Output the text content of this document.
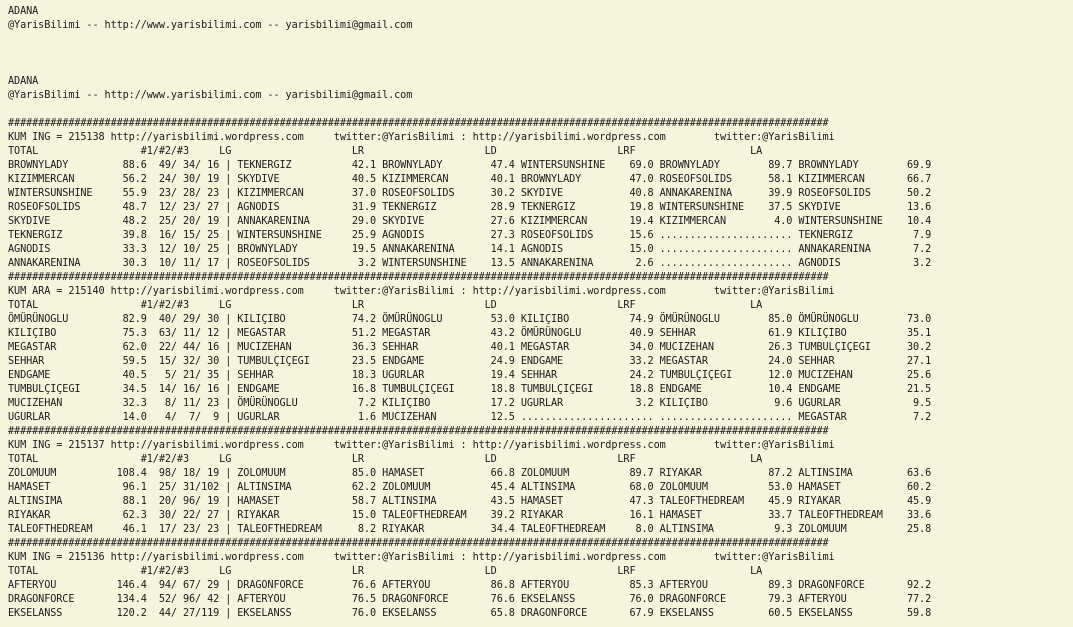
ADANA
@YarisBilimi -- http://www.yarisbilimi.com -- yarisbilimi@gmail.com

ADANA
@YarisBilimi -- http://www.yarisbilimi.com -- yarisbilimi@gmail.com

########################################################################################################################################
KUM ING = 215138 http://yarisbilimi.wordpress.com     twitter:@YarisBilimi : http://yarisbilimi.wordpress.com        twitter:@YarisBilimi
TOTAL                 #1/#2/#3     LG                    LR                    LD                    LRF                   LA
BROWNYLADY         88.6  49/ 34/ 16 | TEKNERGIZ          42.1 BROWNYLADY        47.4 WINTERSUNSHINE    69.0 BROWNYLADY        89.7 BROWNYLADY        69.9
KIZIMMERCAN        56.2  24/ 30/ 19 | SKYDIVE            40.5 KIZIMMERCAN       40.1 BROWNYLADY        47.0 ROSEOFSOLIDS      58.1 KIZIMMERCAN       66.7
WINTERSUNSHINE     55.9  23/ 28/ 23 | KIZIMMERCAN        37.0 ROSEOFSOLIDS      30.2 SKYDIVE           40.8 ANNAKARENINA      39.9 ROSEOFSOLIDS      50.2
ROSEOFSOLIDS       48.7  12/ 23/ 27 | AGNODIS            31.9 TEKNERGIZ         28.9 TEKNERGIZ         19.8 WINTERSUNSHINE    37.5 SKYDIVE           13.6
SKYDIVE            48.2  25/ 20/ 19 | ANNAKARENINA       29.0 SKYDIVE           27.6 KIZIMMERCAN       19.4 KIZIMMERCAN        4.0 WINTERSUNSHINE    10.4
TEKNERGIZ          39.8  16/ 15/ 25 | WINTERSUNSHINE     25.9 AGNODIS           27.3 ROSEOFSOLIDS      15.6 ...................... TEKNERGIZ          7.9
AGNODIS            33.3  12/ 10/ 25 | BROWNYLADY         19.5 ANNAKARENINA      14.1 AGNODIS           15.0 ...................... ANNAKARENINA       7.2
ANNAKARENINA       30.3  10/ 11/ 17 | ROSEOFSOLIDS        3.2 WINTERSUNSHINE    13.5 ANNAKARENINA       2.6 ...................... AGNODIS            3.2
########################################################################################################################################
KUM ARA = 215140 http://yarisbilimi.wordpress.com     twitter:@YarisBilimi : http://yarisbilimi.wordpress.com        twitter:@YarisBilimi
TOTAL                 #1/#2/#3     LG                    LR                    LD                    LRF                   LA
ÖMÜRÜNOGLU         82.9  40/ 29/ 30 | KILIÇIBO           74.2 ÖMÜRÜNOGLU        53.0 KILIÇIBO          74.9 ÖMÜRÜNOGLU        85.0 ÖMÜRÜNOGLU        73.0
KILIÇIBO           75.3  63/ 11/ 12 | MEGASTAR           51.2 MEGASTAR          43.2 ÖMÜRÜNOGLU        40.9 SEHHAR            61.9 KILIÇIBO          35.1
MEGASTAR           62.0  22/ 44/ 16 | MUCIZEHAN          36.3 SEHHAR            40.1 MEGASTAR          34.0 MUCIZEHAN         26.3 TUMBULÇIÇEGI      30.2
SEHHAR             59.5  15/ 32/ 30 | TUMBULÇIÇEGI       23.5 ENDGAME           24.9 ENDGAME           33.2 MEGASTAR          24.0 SEHHAR            27.1
ENDGAME            40.5   5/ 21/ 35 | SEHHAR             18.3 UGURLAR           19.4 SEHHAR            24.2 TUMBULÇIÇEGI      12.0 MUCIZEHAN         25.6
TUMBULÇIÇEGI       34.5  14/ 16/ 16 | ENDGAME            16.8 TUMBULÇIÇEGI      18.8 TUMBULÇIÇEGI      18.8 ENDGAME           10.4 ENDGAME           21.5
MUCIZEHAN          32.3   8/ 11/ 23 | ÖMÜRÜNOGLU          7.2 KILIÇIBO          17.2 UGURLAR            3.2 KILIÇIBO           9.6 UGURLAR            9.5
UGURLAR            14.0   4/  7/  9 | UGURLAR             1.6 MUCIZEHAN         12.5 ...................... ...................... MEGASTAR           7.2
########################################################################################################################################
KUM ING = 215137 http://yarisbilimi.wordpress.com     twitter:@YarisBilimi : http://yarisbilimi.wordpress.com        twitter:@YarisBilimi
TOTAL                 #1/#2/#3     LG                    LR                    LD                    LRF                   LA
ZOLOMUUM          108.4  98/ 18/ 19 | ZOLOMUUM           85.0 HAMASET           66.8 ZOLOMUUM          89.7 RIYAKAR           87.2 ALTINSIMA         63.6
HAMASET            96.1  25/ 31/102 | ALTINSIMA          62.2 ZOLOMUUM          45.4 ALTINSIMA         68.0 ZOLOMUUM          53.0 HAMASET           60.2
ALTINSIMA          88.1  20/ 96/ 19 | HAMASET            58.7 ALTINSIMA         43.5 HAMASET           47.3 TALEOFTHEDREAM    45.9 RIYAKAR           45.9
RIYAKAR            62.3  30/ 22/ 27 | RIYAKAR            15.0 TALEOFTHEDREAM    39.2 RIYAKAR           16.1 HAMASET           33.7 TALEOFTHEDREAM    33.6
TALEOFTHEDREAM     46.1  17/ 23/ 23 | TALEOFTHEDREAM      8.2 RIYAKAR           34.4 TALEOFTHEDREAM     8.0 ALTINSIMA          9.3 ZOLOMUUM          25.8
########################################################################################################################################
KUM ING = 215136 http://yarisbilimi.wordpress.com     twitter:@YarisBilimi : http://yarisbilimi.wordpress.com        twitter:@YarisBilimi
TOTAL                 #1/#2/#3     LG                    LR                    LD                    LRF                   LA
AFTERYOU          146.4  94/ 67/ 29 | DRAGONFORCE        76.6 AFTERYOU          86.8 AFTERYOU          85.3 AFTERYOU          89.3 DRAGONFORCE       92.2
DRAGONFORCE       134.4  52/ 96/ 42 | AFTERYOU           76.5 DRAGONFORCE       76.6 EKSELANSS         76.0 DRAGONFORCE       79.3 AFTERYOU          77.2
EKSELANSS         120.2  44/ 27/119 | EKSELANSS          76.0 EKSELANSS         65.8 DRAGONFORCE       67.9 EKSELANSS         60.5 EKSELANSS         59.8
